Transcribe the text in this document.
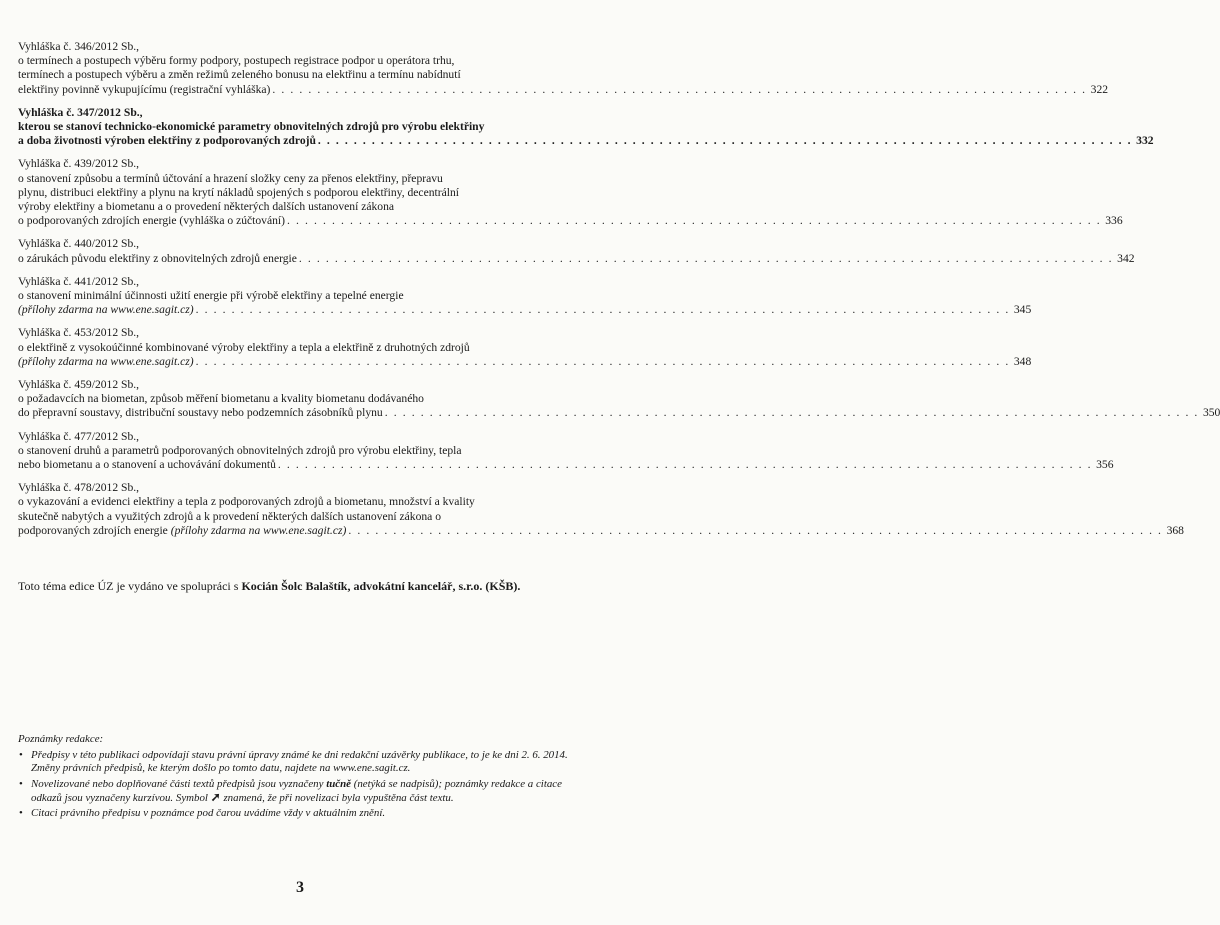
Vyhláška č. 346/2012 Sb.,
o termínech a postupech výběru formy podpory, postupech registrace podpor u operátora trhu,
termínech a postupech výběru a změn režimů zeleného bonusu na elektřinu a termínu nabídnutí
elektřiny povinně vykupujícímu (registrační vyhláška) . . .	322
Vyhláška č. 347/2012 Sb.,
kterou se stanoví technicko-ekonomické parametry obnovitelných zdrojů pro výrobu elektřiny
a doba životnosti výroben elektřiny z podporovaných zdrojů . . .	332
Vyhláška č. 439/2012 Sb.,
o stanovení způsobu a termínů účtování a hrazení složky ceny za přenos elektřiny, přepravu
plynu, distribuci elektřiny a plynu na krytí nákladů spojených s podporou elektřiny, decentrální
výroby elektřiny a biometanu a o provedení některých dalších ustanovení zákona
o podporovaných zdrojích energie (vyhláška o zúčtování) . . .	336
Vyhláška č. 440/2012 Sb.,
o zárukách původu elektřiny z obnovitelných zdrojů energie . . .	342
Vyhláška č. 441/2012 Sb.,
o stanovení minimální účinnosti užití energie při výrobě elektřiny a tepelné energie
(přílohy zdarma na www.ene.sagit.cz) . . .	345
Vyhláška č. 453/2012 Sb.,
o elektřině z vysokoúčinné kombinované výroby elektřiny a tepla a elektřině z druhotných zdrojů
(přílohy zdarma na www.ene.sagit.cz) . . .	348
Vyhláška č. 459/2012 Sb.,
o požadavcích na biometan, způsob měření biometanu a kvality biometanu dodávaného
do přepravní soustavy, distribuční soustavy nebo podzemních zásobníků plynu . . .	350
Vyhláška č. 477/2012 Sb.,
o stanovení druhů a parametrů podporovaných obnovitelných zdrojů pro výrobu elektřiny, tepla
nebo biometanu a o stanovení a uchovávání dokumentů . . .	356
Vyhláška č. 478/2012 Sb.,
o vykazování a evidenci elektřiny a tepla z podporovaných zdrojů a biometanu, množství a kvality
skutečně nabytých a využitých zdrojů a k provedení některých dalších ustanovení zákona o
podporovaných zdrojích energie (přílohy zdarma na www.ene.sagit.cz) . . .	368
Toto téma edice ÚZ je vydáno ve spolupráci s Kocián Šolc Balaštík, advokátní kancelář, s.r.o. (KŠB).
Poznámky redakce:
• Předpisy v této publikaci odpovídají stavu právní úpravy známé ke dni redakční uzávěrky publikace, to je ke dni 2. 6. 2014. Změny právních předpisů, ke kterým došlo po tomto datu, najdete na www.ene.sagit.cz.
• Novelizované nebo doplňované části textů předpisů jsou vyznačeny tučně (netýká se nadpisů); poznámky redakce a citace odkazů jsou vyznačeny kurzívou. Symbol ➚ znamená, že při novelizaci byla vypuštěna část textu.
• Citaci právního předpisu v poznámce pod čarou uvádíme vždy v aktuálním znění.
3
